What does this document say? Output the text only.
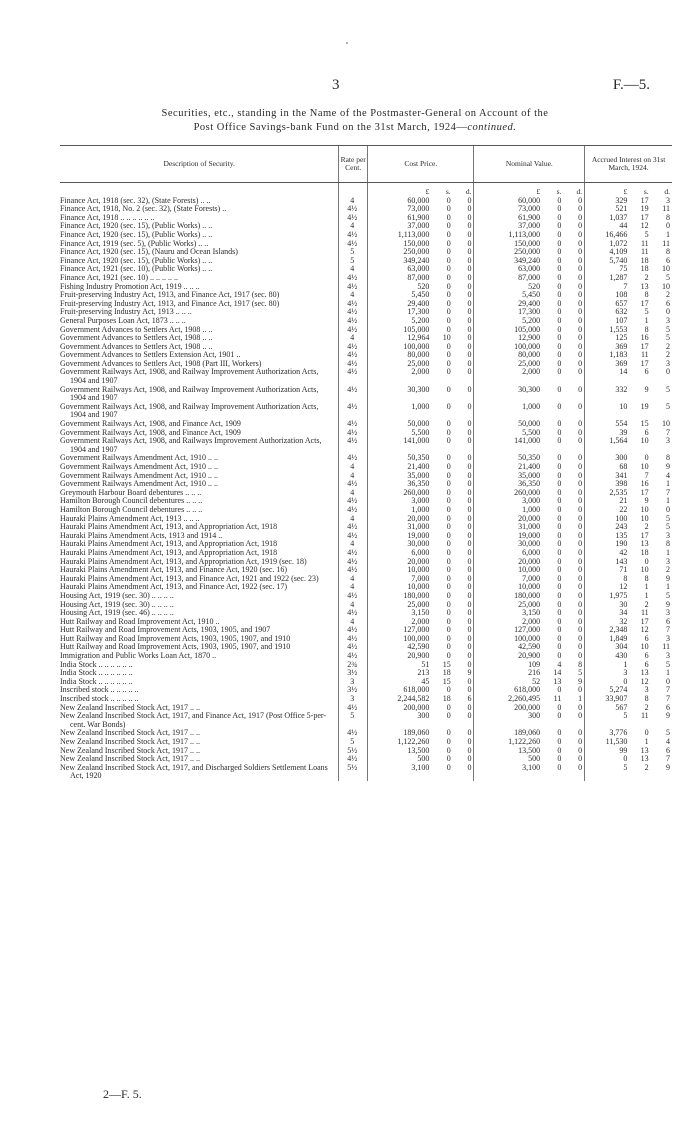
3	F.—5.
Securities, etc., standing in the Name of the Postmaster-General on Account of the
Post Office Savings-bank Fund on the 31st March, 1924—continued.
Description of Security.	Rate per Cent.	Cost Price.			Nominal Value.			Accrued Interest on 31st March, 1924.		
		£	s.	d.	£	s.	d.	£	s.	d.

Finance Act, 1918 (sec. 32), (State Forests) .. ..	4	60,000	0	0	60,000	0	0	329	17	3

Finance Act, 1918, No. 2 (sec. 32), (State Forests) ..	4½	73,000	0	0	73,000	0	0	521	19	11

Finance Act, 1918 .. .. .. .. .. ..	4½	61,900	0	0	61,900	0	0	1,037	17	8

Finance Act, 1920 (sec. 15), (Public Works) .. ..	4	37,000	0	0	37,000	0	0	44	12	0

Finance Act, 1920 (sec. 15), (Public Works) .. ..	4½	1,113,000	0	0	1,113,000	0	0	16,466	5	1

Finance Act, 1919 (sec. 5), (Public Works) .. ..	4½	150,000	0	0	150,000	0	0	1,072	11	11

Finance Act, 1920 (sec. 15), (Nauru and Ocean Islands)	5	250,000	0	0	250,000	0	0	4,109	11	8

Finance Act, 1920 (sec. 15), (Public Works) .. ..	5	349,240	0	0	349,240	0	0	5,740	18	6

Finance Act, 1921 (sec. 10), (Public Works) .. ..	4	63,000	0	0	63,000	0	0	75	18	10

Finance Act, 1921 (sec. 10) .. .. .. .. ..	4½	87,000	0	0	87,000	0	0	1,287	2	5

Fishing Industry Promotion Act, 1919 .. .. ..	4½	520	0	0	520	0	0	7	13	10

Fruit-preserving Industry Act, 1913, and Finance Act, 1917 (sec. 80)	4	5,450	0	0	5,450	0	0	108	8	2

Fruit-preserving Industry Act, 1913, and Finance Act, 1917 (sec. 80)	4½	29,400	0	0	29,400	0	0	657	17	6

Fruit-preserving Industry Act, 1913 .. .. ..	4½	17,300	0	0	17,300	0	0	632	5	0

General Purposes Loan Act, 1873 .. .. ..	4½	5,200	0	0	5,200	0	0	107	1	3

Government Advances to Settlers Act, 1908 .. ..	4½	105,000	0	0	105,000	0	0	1,553	8	5

Government Advances to Settlers Act, 1908 .. ..	4	12,964	10	0	12,900	0	0	125	16	5

Government Advances to Settlers Act, 1908 .. ..	4½	100,000	0	0	100,000	0	0	369	17	2

Government Advances to Settlers Extension Act, 1901 ..	4½	80,000	0	0	80,000	0	0	1,183	11	2

Government Advances to Settlers Act, 1908 (Part III, Workers)	4½	25,000	0	0	25,000	0	0	369	17	3

Government Railways Act, 1908, and Railway Improvement Authorization Acts, 1904 and 1907	4½	2,000	0	0	2,000	0	0	14	6	0

Government Railways Act, 1908, and Railway Improvement Authorization Acts, 1904 and 1907	4½	30,300	0	0	30,300	0	0	332	9	5

Government Railways Act, 1908, and Railway Improvement Authorization Acts, 1904 and 1907	4½	1,000	0	0	1,000	0	0	10	19	5

Government Railways Act, 1908, and Finance Act, 1909	4½	50,000	0	0	50,000	0	0	554	15	10

Government Railways Act, 1908, and Finance Act, 1909	4½	5,500	0	0	5,500	0	0	39	6	7

Government Railways Act, 1908, and Railways Improvement Authorization Acts, 1904 and 1907	4½	141,000	0	0	141,000	0	0	1,564	10	3

Government Railways Amendment Act, 1910 .. ..	4½	50,350	0	0	50,350	0	0	300	0	8

Government Railways Amendment Act, 1910 .. ..	4	21,400	0	0	21,400	0	0	68	10	9

Government Railways Amendment Act, 1910 .. ..	4	35,000	0	0	35,000	0	0	341	7	4

Government Railways Amendment Act, 1910 .. ..	4½	36,350	0	0	36,350	0	0	398	16	1

Greymouth Harbour Board debentures .. .. ..	4	260,000	0	0	260,000	0	0	2,535	17	7

Hamilton Borough Council debentures .. .. ..	4½	3,000	0	0	3,000	0	0	21	9	1

Hamilton Borough Council debentures .. .. ..	4½	1,000	0	0	1,000	0	0	22	10	0

Hauraki Plains Amendment Act, 1913 .. .. ..	4	20,000	0	0	20,000	0	0	100	10	5

Hauraki Plains Amendment Act, 1913, and Appropriation Act, 1918	4½	31,000	0	0	31,000	0	0	243	2	5

Hauraki Plains Amendment Acts, 1913 and 1914 ..	4½	19,000	0	0	19,000	0	0	135	17	3

Hauraki Plains Amendment Act, 1913, and Appropriation Act, 1918	4	30,000	0	0	30,000	0	0	190	13	8

Hauraki Plains Amendment Act, 1913, and Appropriation Act, 1918	4½	6,000	0	0	6,000	0	0	42	18	1

Hauraki Plains Amendment Act, 1913, and Appropriation Act, 1919 (sec. 18)	4½	20,000	0	0	20,000	0	0	143	0	3

Hauraki Plains Amendment Act, 1913, and Finance Act, 1920 (sec. 16)	4½	10,000	0	0	10,000	0	0	71	10	2

Hauraki Plains Amendment Act, 1913, and Finance Act, 1921 and 1922 (sec. 23)	4	7,000	0	0	7,000	0	0	8	8	9

Hauraki Plains Amendment Act, 1913, and Finance Act, 1922 (sec. 17)	4	10,000	0	0	10,000	0	0	12	1	1

Housing Act, 1919 (sec. 30) .. .. .. ..	4½	180,000	0	0	180,000	0	0	1,975	1	5

Housing Act, 1919 (sec. 30) .. .. .. ..	4	25,000	0	0	25,000	0	0	30	2	9

Housing Act, 1919 (sec. 46) .. .. .. ..	4½	3,150	0	0	3,150	0	0	34	11	3

Hutt Railway and Road Improvement Act, 1910 ..	4	2,000	0	0	2,000	0	0	32	17	6

Hutt Railway and Road Improvement Acts, 1903, 1905, and 1907	4½	127,000	0	0	127,000	0	0	2,348	12	7

Hutt Railway and Road Improvement Acts, 1903, 1905, 1907, and 1910	4½	100,000	0	0	100,000	0	0	1,849	6	3

Hutt Railway and Road Improvement Acts, 1903, 1905, 1907, and 1910	4½	42,590	0	0	42,590	0	0	304	10	11

Immigration and Public Works Loan Act, 1870 ..	4½	20,900	0	0	20,900	0	0	430	6	3

India Stock .. .. .. .. .. ..	2¾	51	15	0	109	4	8	1	6	5

India Stock .. .. .. .. .. ..	3½	213	18	9	216	14	5	3	13	1

India Stock .. .. .. .. .. ..	3	45	15	0	52	13	9	0	12	0

Inscribed stock .. .. .. .. ..	3½	618,000	0	0	618,000	0	0	5,274	3	7

Inscribed stock .. .. .. .. ..	3	2,244,582	18	6	2,260,495	11	1	33,907	8	7

New Zealand Inscribed Stock Act, 1917 .. ..	4½	200,000	0	0	200,000	0	0	567	2	6

New Zealand Inscribed Stock Act, 1917, and Finance Act, 1917 (Post Office 5-per-cent. War Bonds)	5	300	0	0	300	0	0	5	11	9

New Zealand Inscribed Stock Act, 1917 .. ..	4½	189,060	0	0	189,060	0	0	3,776	0	5

New Zealand Inscribed Stock Act, 1917 .. ..	5	1,122,260	0	0	1,122,260	0	0	11,530	1	4

New Zealand Inscribed Stock Act, 1917 .. ..	5½	13,500	0	0	13,500	0	0	99	13	6

New Zealand Inscribed Stock Act, 1917 .. ..	4½	500	0	0	500	0	0	0	13	7

New Zealand Inscribed Stock Act, 1917, and Discharged Soldiers Settlement Loans Act, 1920	5½	3,100	0	0	3,100	0	0	5	2	9
2—F. 5.
